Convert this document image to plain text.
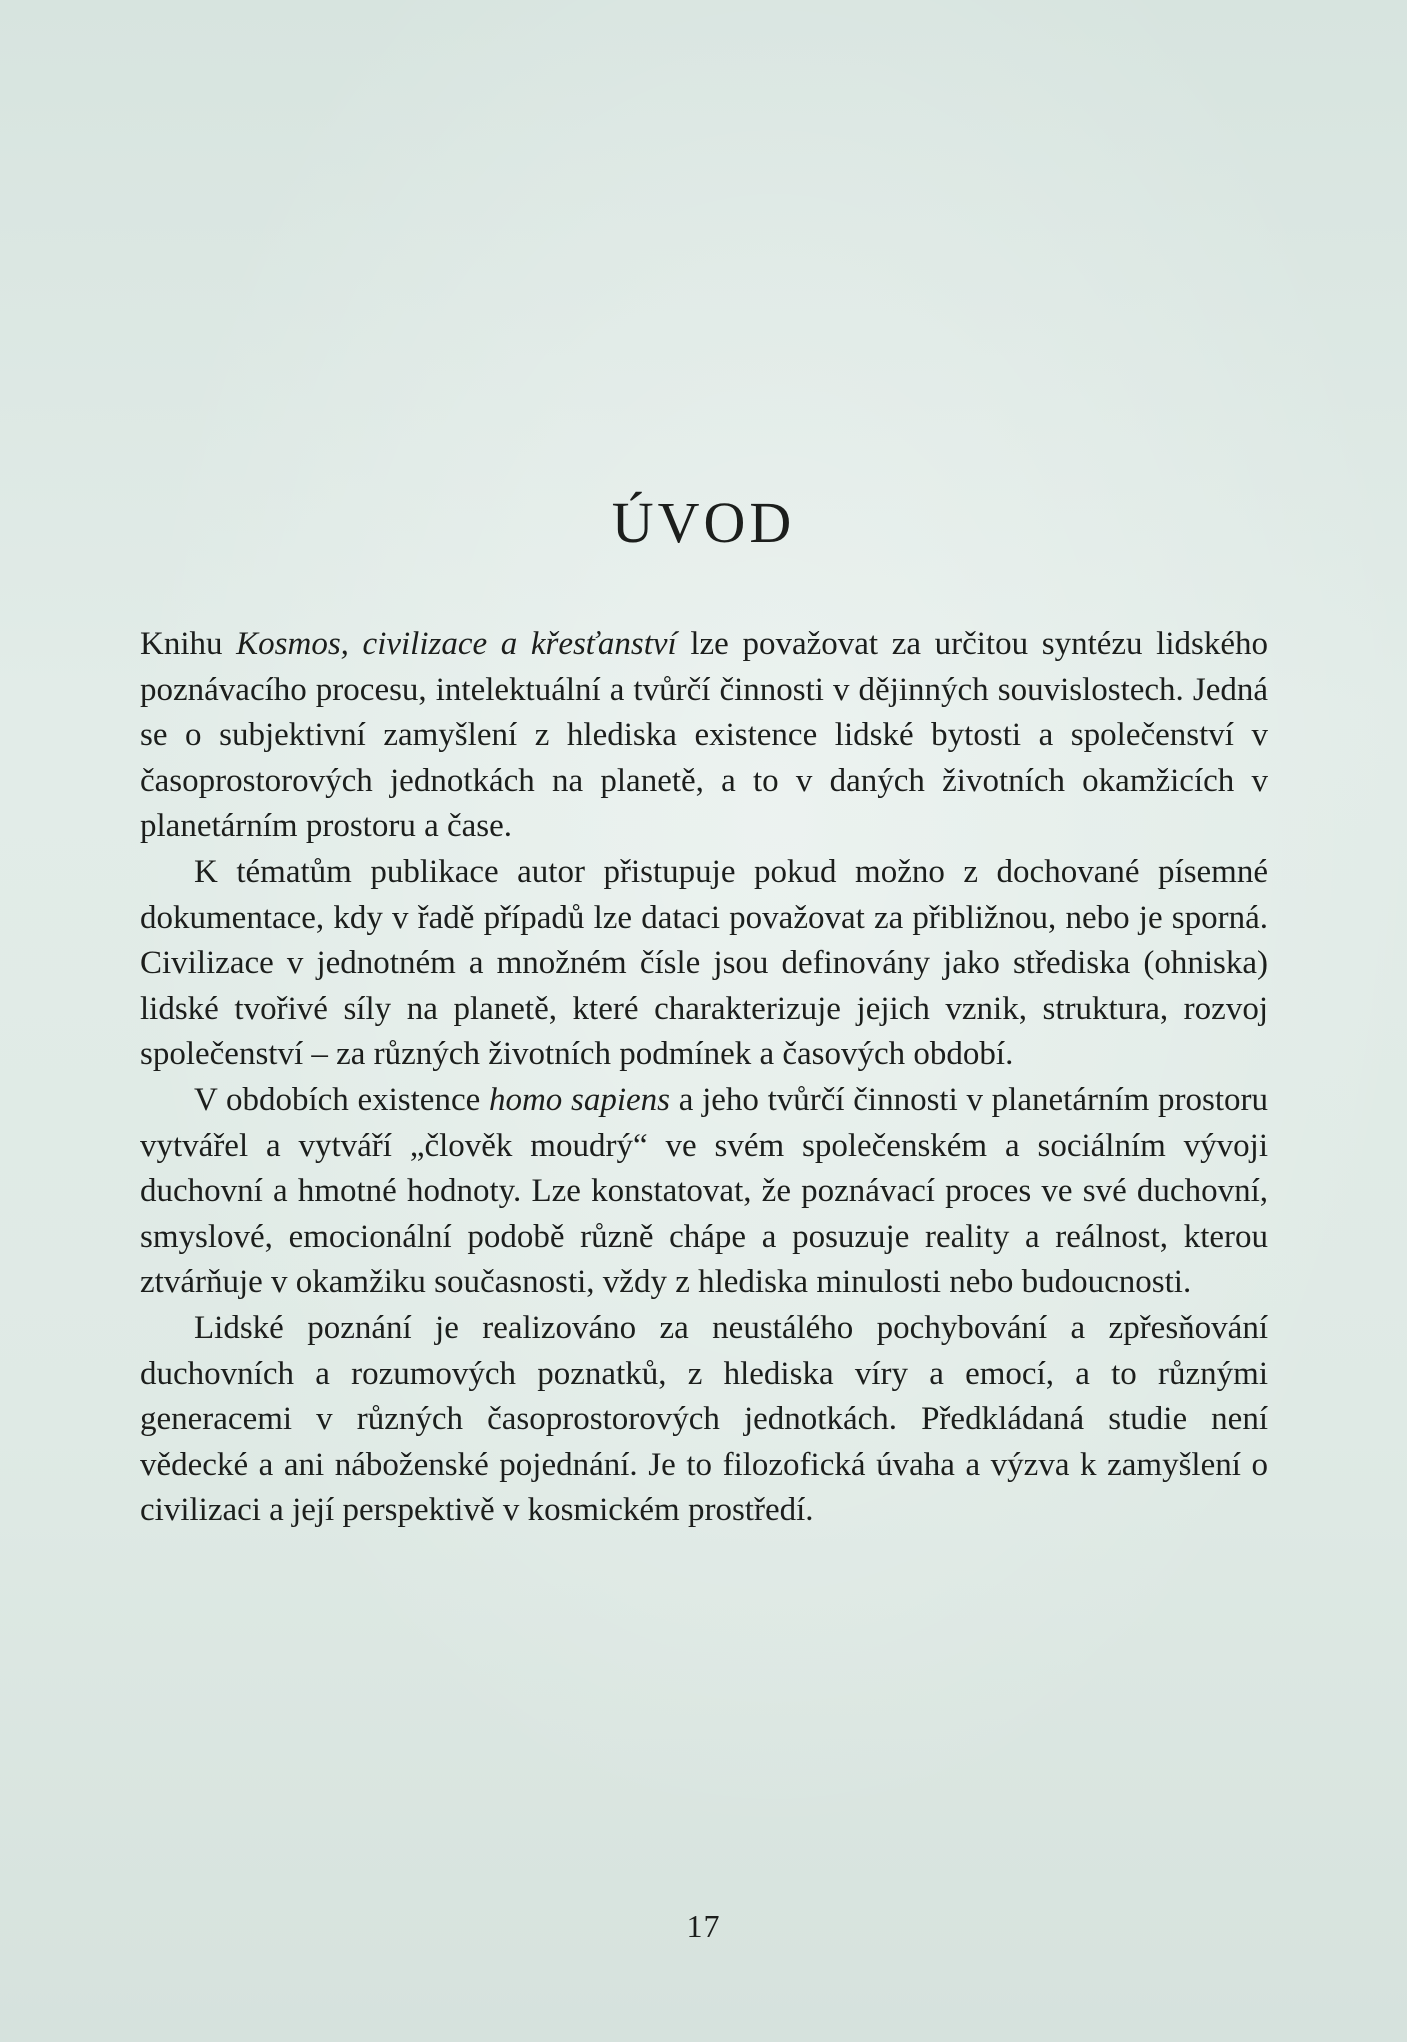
ÚVOD

Knihu Kosmos, civilizace a křesťanství lze považovat za určitou syntézu lidského poznávacího procesu, intelektuální a tvůrčí činnosti v dějinných souvislostech. Jedná se o subjektivní zamyšlení z hlediska existence lidské bytosti a společenství v časoprostorových jednotkách na planetě, a to v daných životních okamžicích v planetárním prostoru a čase.

K tématům publikace autor přistupuje pokud možno z dochované písemné dokumentace, kdy v řadě případů lze dataci považovat za přibližnou, nebo je sporná. Civilizace v jednotném a množném čísle jsou definovány jako střediska (ohniska) lidské tvořivé síly na planetě, které charakterizuje jejich vznik, struktura, rozvoj společenství – za různých životních podmínek a časových období.

V obdobích existence homo sapiens a jeho tvůrčí činnosti v planetárním prostoru vytvářel a vytváří „člověk moudrý“ ve svém společenském a sociálním vývoji duchovní a hmotné hodnoty. Lze konstatovat, že poznávací proces ve své duchovní, smyslové, emocionální podobě různě chápe a posuzuje reality a reálnost, kterou ztvárňuje v okamžiku současnosti, vždy z hlediska minulosti nebo budoucnosti.

Lidské poznání je realizováno za neustálého pochybování a zpřesňování duchovních a rozumových poznatků, z hlediska víry a emocí, a to různými generacemi v různých časoprostorových jednotkách. Předkládaná studie není vědecké a ani náboženské pojednání. Je to filozofická úvaha a výzva k zamyšlení o civilizaci a její perspektivě v kosmickém prostředí.

17
